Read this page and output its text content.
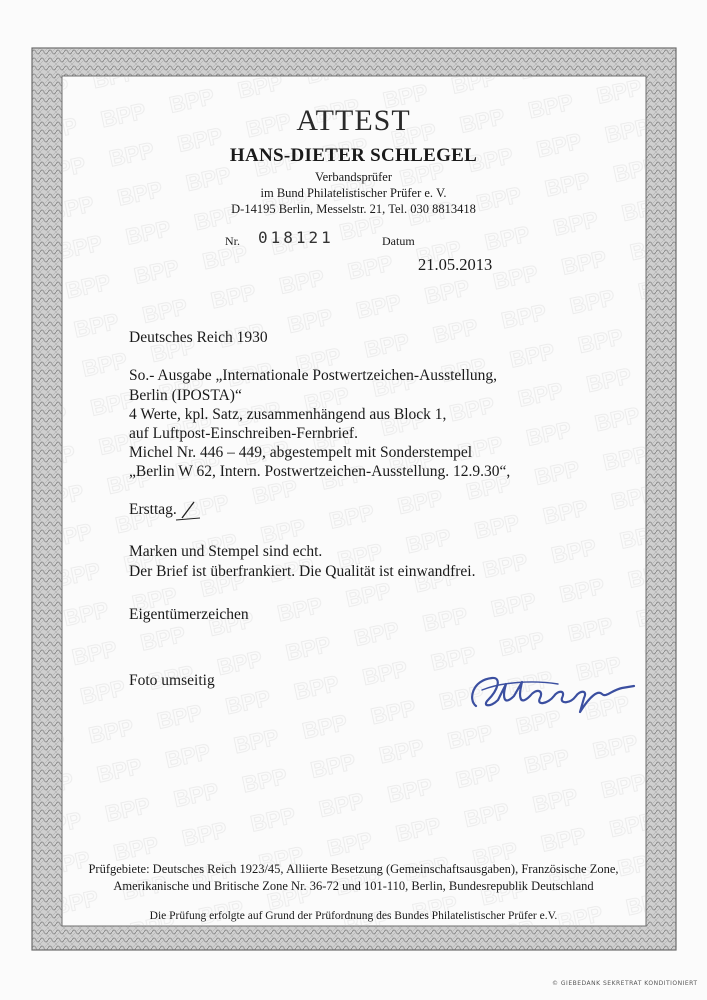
ATTEST
HANS-DIETER SCHLEGEL
Verbandsprüfer
im Bund Philatelistischer Prüfer e. V.
D-14195 Berlin, Messelstr. 21, Tel. 030 8813418
Nr. 018121	Datum
21.05.2013
Deutsches Reich 1930
So.- Ausgabe „Internationale Postwertzeichen-Ausstellung,
Berlin (IPOSTA)“
4 Werte, kpl. Satz, zusammenhängend aus Block 1,
auf Luftpost-Einschreiben-Fernbrief.
Michel Nr. 446 – 449, abgestempelt mit Sonderstempel
„Berlin W 62, Intern. Postwertzeichen-Ausstellung. 12.9.30“,
Ersttag.
Marken und Stempel sind echt.
Der Brief ist überfrankiert. Die Qualität ist einwandfrei.
Eigentümerzeichen
Foto umseitig
Prüfgebiete: Deutsches Reich 1923/45, Alliierte Besetzung (Gemeinschaftsausgaben), Französische Zone,
Amerikanische und Britische Zone Nr. 36-72 und 101-110, Berlin, Bundesrepublik Deutschland
Die Prüfung erfolgte auf Grund der Prüfordnung des Bundes Philatelistischer Prüfer e.V.
© GIEBEDANK SEKRETRAT KONDITIONIERT
